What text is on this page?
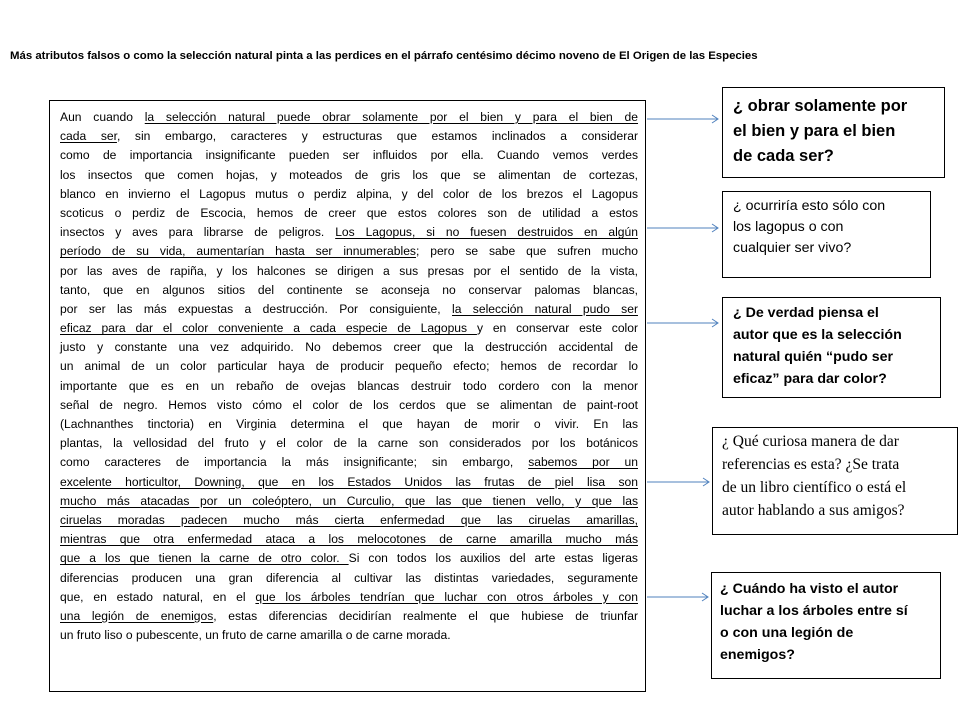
Más atributos falsos o como la selección natural pinta a las perdices en el párrafo centésimo décimo noveno de El Origen de las Especies
Aun cuando la selección natural puede obrar solamente por el bien y para el bien de
cada ser, sin embargo, caracteres y estructuras que estamos inclinados a considerar
como de importancia insignificante pueden ser influidos por ella. Cuando vemos verdes
los insectos que comen hojas, y moteados de gris los que se alimentan de cortezas,
blanco en invierno el Lagopus mutus o perdiz alpina, y del color de los brezos el Lagopus
scoticus o perdiz de Escocia, hemos de creer que estos colores son de utilidad a estos
insectos y aves para librarse de peligros. Los Lagopus, si no fuesen destruidos en algún
período de su vida, aumentarían hasta ser innumerables; pero se sabe que sufren mucho
por las aves de rapiña, y los halcones se dirigen a sus presas por el sentido de la vista,
tanto, que en algunos sitios del continente se aconseja no conservar palomas blancas,
por ser las más expuestas a destrucción. Por consiguiente, la selección natural pudo ser
eficaz para dar el color conveniente a cada especie de Lagopus y en conservar este color
justo y constante una vez adquirido. No debemos creer que la destrucción accidental de
un animal de un color particular haya de producir pequeño efecto; hemos de recordar lo
importante que es en un rebaño de ovejas blancas destruir todo cordero con la menor
señal de negro. Hemos visto cómo el color de los cerdos que se alimentan de paint-root
(Lachnanthes tinctoria) en Virginia determina el que hayan de morir o vivir. En las
plantas, la vellosidad del fruto y el color de la carne son considerados por los botánicos
como caracteres de importancia la más insignificante; sin embargo, sabemos por un
excelente horticultor, Downing, que en los Estados Unidos las frutas de piel lisa son
mucho más atacadas por un coleóptero, un Curculio, que las que tienen vello, y que las
ciruelas moradas padecen mucho más cierta enfermedad que las ciruelas amarillas,
mientras que otra enfermedad ataca a los melocotones de carne amarilla mucho más
que a los que tienen la carne de otro color. Si con todos los auxilios del arte estas ligeras
diferencias producen una gran diferencia al cultivar las distintas variedades, seguramente
que, en estado natural, en el que los árboles tendrían que luchar con otros árboles y con
una legión de enemigos, estas diferencias decidirían realmente el que hubiese de triunfar
un fruto liso o pubescente, un fruto de carne amarilla o de carne morada.
¿ obrar solamente por
el bien y para el bien
de cada ser?
¿ ocurriría esto sólo con
los lagopus o con
cualquier ser vivo?
¿ De verdad piensa el
autor que es la selección
natural quién “pudo ser
eficaz” para dar color?
¿ Qué curiosa manera de dar
referencias es esta? ¿Se trata
de un libro científico o está el
autor hablando a sus amigos?
¿ Cuándo ha visto el autor
luchar a los árboles entre sí
o con una legión de
enemigos?
